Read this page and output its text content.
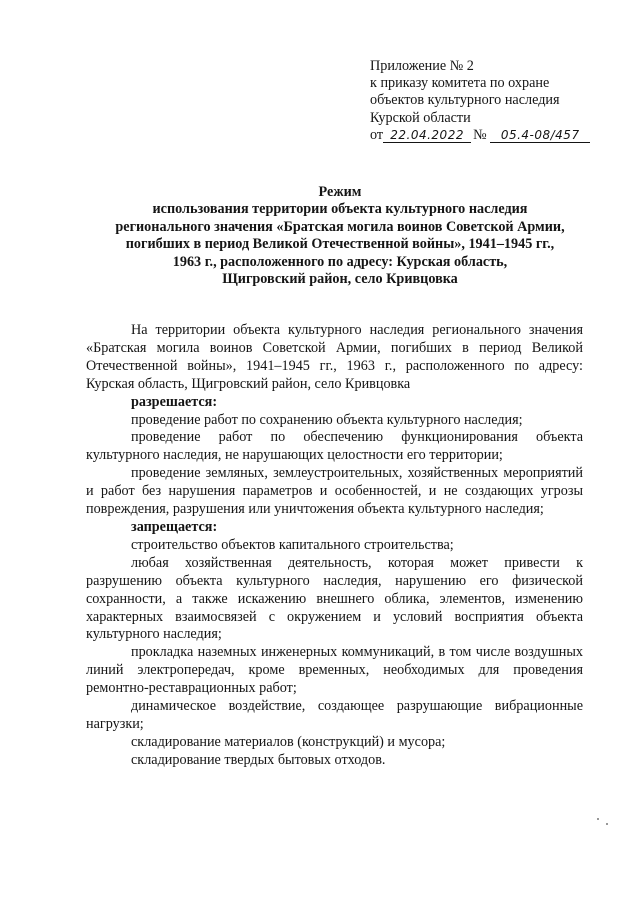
Приложение № 2
к приказу комитета по охране
объектов культурного наследия
Курской области
от 22.04.2022 № 05.4-08/457
Режим
использования территории объекта культурного наследия
регионального значения «Братская могила воинов Советской Армии,
погибших в период Великой Отечественной войны», 1941–1945 гг.,
1963 г., расположенного по адресу: Курская область,
Щигровский район, село Кривцовка

На территории объекта культурного наследия регионального значения «Братская могила воинов Советской Армии, погибших в период Великой Отечественной войны», 1941–1945 гг., 1963 г., расположенного по адресу: Курская область, Щигровский район, село Кривцовка

разрешается:

проведение работ по сохранению объекта культурного наследия;

проведение работ по обеспечению функционирования объекта культурного наследия, не нарушающих целостности его территории;

проведение земляных, землеустроительных, хозяйственных мероприятий и работ без нарушения параметров и особенностей, и не создающих угрозы повреждения, разрушения или уничтожения объекта культурного наследия;

запрещается:

строительство объектов капитального строительства;

любая хозяйственная деятельность, которая может привести к разрушению объекта культурного наследия, нарушению его физической сохранности, а также искажению внешнего облика, элементов, изменению характерных взаимосвязей с окружением и условий восприятия объекта культурного наследия;

прокладка наземных инженерных коммуникаций, в том числе воздушных линий электропередач, кроме временных, необходимых для проведения ремонтно-реставрационных работ;

динамическое воздействие, создающее разрушающие вибрационные нагрузки;

складирование материалов (конструкций) и мусора;

складирование твердых бытовых отходов.
